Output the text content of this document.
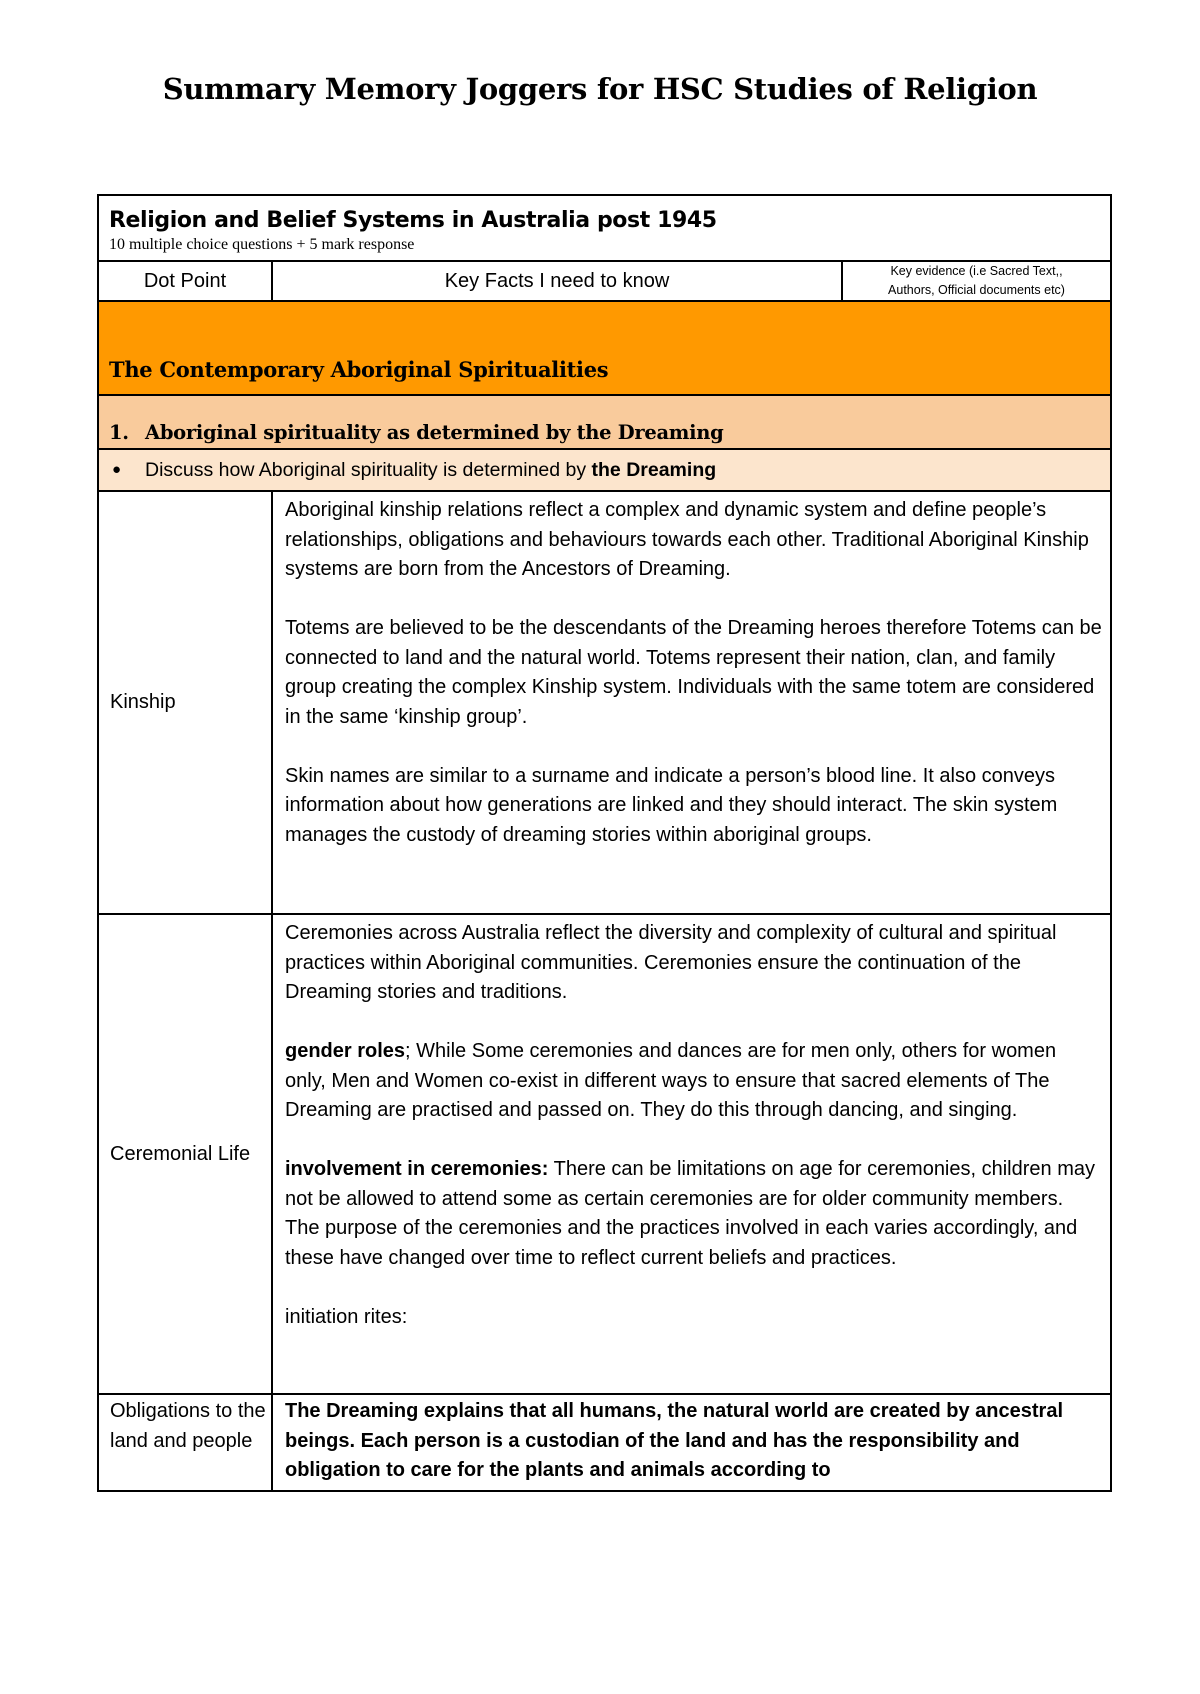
Summary Memory Joggers for HSC Studies of Religion
Religion and Belief Systems in Australia post 1945
10 multiple choice questions + 5 mark response		

Dot Point	Key Facts I need to know	Key evidence (i.e Sacred Text,,
Authors, Official documents etc)

The Contemporary Aboriginal Spiritualities		

1. Aboriginal spirituality as determined by the Dreaming		

● Discuss how Aboriginal spirituality is determined by the Dreaming		

Kinship	Aboriginal kinship relations reflect a complex and dynamic system and define people’s relationships, obligations and behaviours towards each other. Traditional Aboriginal Kinship systems are born from the Ancestors of Dreaming.

Totems are believed to be the descendants of the Dreaming heroes therefore Totems can be connected to land and the natural world. Totems represent their nation, clan, and family group creating the complex Kinship system. Individuals with the same totem are considered in the same ‘kinship group’.

Skin names are similar to a surname and indicate a person’s blood line. It also conveys information about how generations are linked and they should interact. The skin system manages the custody of dreaming stories within aboriginal groups.	

Ceremonial Life	Ceremonies across Australia reflect the diversity and complexity of cultural and spiritual practices within Aboriginal communities. Ceremonies ensure the continuation of the Dreaming stories and traditions.

gender roles; While Some ceremonies and dances are for men only, others for women only, Men and Women co-exist in different ways to ensure that sacred elements of The Dreaming are practised and passed on. They do this through dancing, and singing.

involvement in ceremonies: There can be limitations on age for ceremonies, children may not be allowed to attend some as certain ceremonies are for older community members. The purpose of the ceremonies and the practices involved in each varies accordingly, and these have changed over time to reflect current beliefs and practices.

initiation rites:	

Obligations to the land and people	The Dreaming explains that all humans, the natural world are created by ancestral beings. Each person is a custodian of the land and has the responsibility and obligation to care for the plants and animals according to	
